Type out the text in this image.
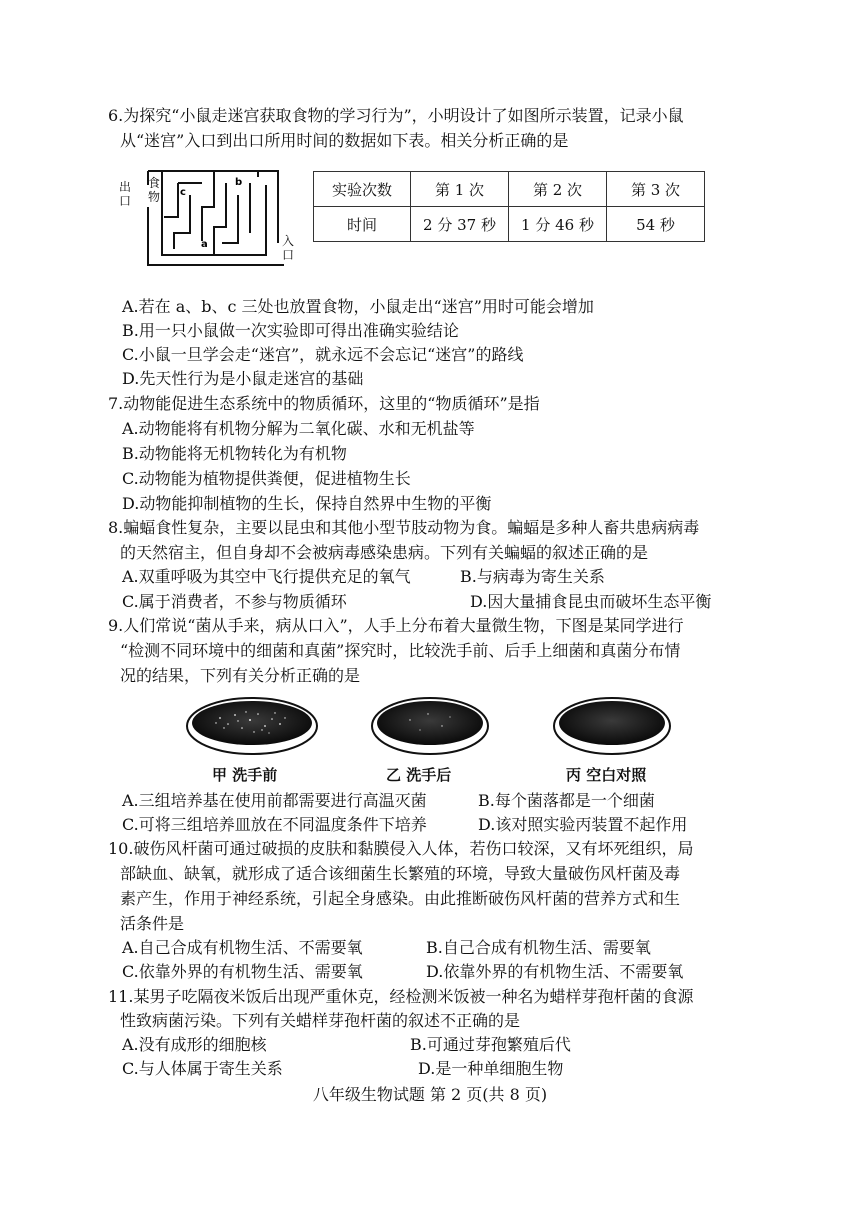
6.为探究“小鼠走迷宫获取食物的学习行为”，小明设计了如图所示装置，记录小鼠
从“迷宫”入口到出口所用时间的数据如下表。相关分析正确的是
b
c
a
出口
食物
入口
实验次数	第 1 次	第 2 次	第 3 次
时间	2 分 37 秒	1 分 46 秒	54 秒
A.若在 a、b、c 三处也放置食物，小鼠走出“迷宫”用时可能会增加
B.用一只小鼠做一次实验即可得出准确实验结论
C.小鼠一旦学会走“迷宫”，就永远不会忘记“迷宫”的路线
D.先天性行为是小鼠走迷宫的基础
7.动物能促进生态系统中的物质循环，这里的“物质循环”是指
A.动物能将有机物分解为二氧化碳、水和无机盐等
B.动物能将无机物转化为有机物
C.动物能为植物提供粪便，促进植物生长
D.动物能抑制植物的生长，保持自然界中生物的平衡
8.蝙蝠食性复杂，主要以昆虫和其他小型节肢动物为食。蝙蝠是多种人畜共患病病毒
的天然宿主，但自身却不会被病毒感染患病。下列有关蝙蝠的叙述正确的是
A.双重呼吸为其空中飞行提供充足的氧气	B.与病毒为寄生关系
C.属于消费者，不参与物质循环	D.因大量捕食昆虫而破坏生态平衡
9.人们常说“菌从手来，病从口入”，人手上分布着大量微生物，下图是某同学进行
“检测不同环境中的细菌和真菌”探究时，比较洗手前、后手上细菌和真菌分布情
况的结果，下列有关分析正确的是
甲 洗手前	乙 洗手后	丙 空白对照
A.三组培养基在使用前都需要进行高温灭菌	B.每个菌落都是一个细菌
C.可将三组培养皿放在不同温度条件下培养	D.该对照实验丙装置不起作用
10.破伤风杆菌可通过破损的皮肤和黏膜侵入人体，若伤口较深，又有坏死组织，局
部缺血、缺氧，就形成了适合该细菌生长繁殖的环境，导致大量破伤风杆菌及毒
素产生，作用于神经系统，引起全身感染。由此推断破伤风杆菌的营养方式和生
活条件是
A.自己合成有机物生活、不需要氧	B.自己合成有机物生活、需要氧
C.依靠外界的有机物生活、需要氧	D.依靠外界的有机物生活、不需要氧
11.某男子吃隔夜米饭后出现严重休克，经检测米饭被一种名为蜡样芽孢杆菌的食源
性致病菌污染。下列有关蜡样芽孢杆菌的叙述不正确的是
A.没有成形的细胞核	B.可通过芽孢繁殖后代
C.与人体属于寄生关系	D.是一种单细胞生物
八年级生物试题 第 2 页(共 8 页)
